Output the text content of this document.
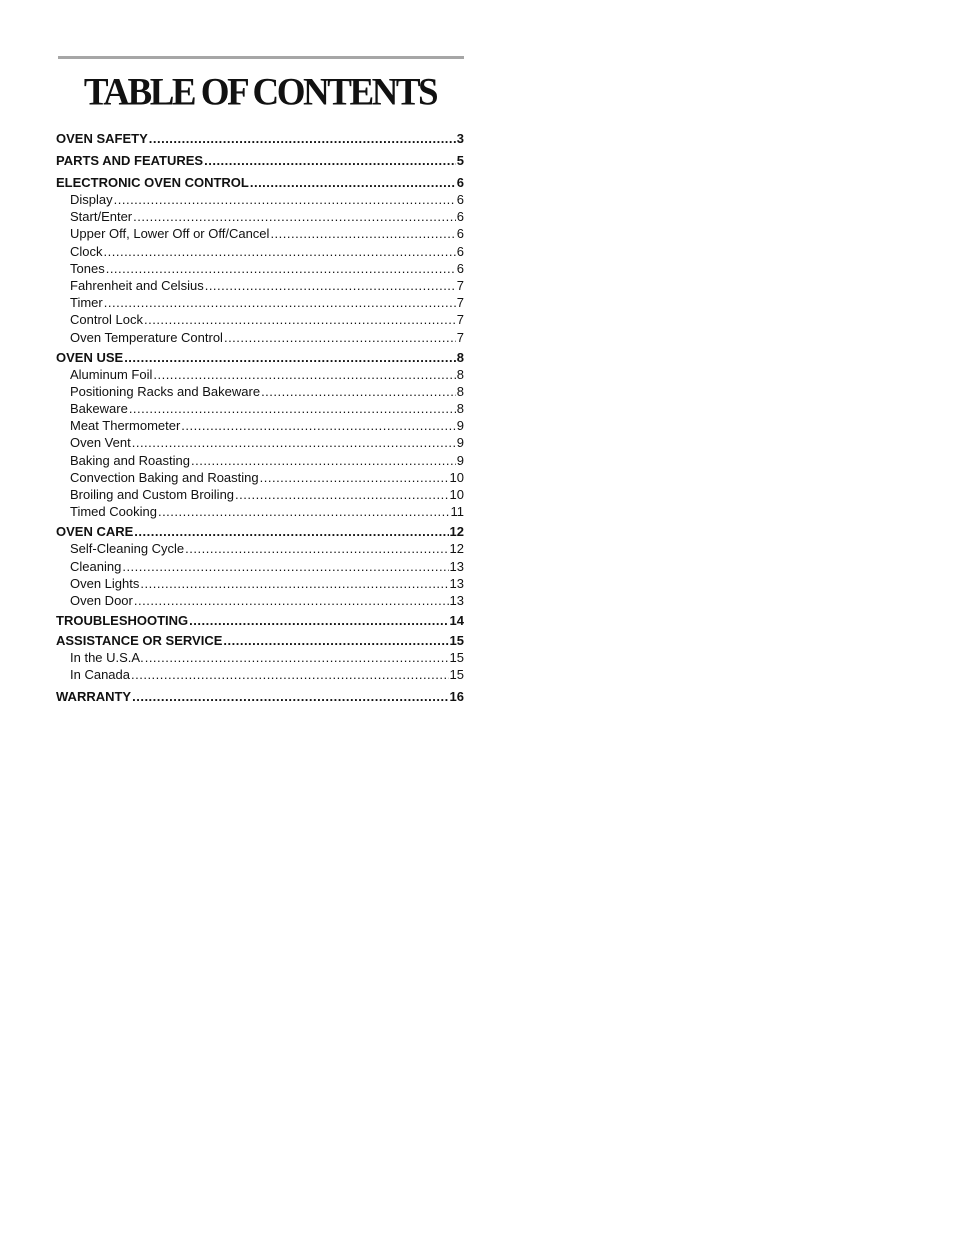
TABLE OF CONTENTS
OVEN SAFETY .....	3
PARTS AND FEATURES .....	5
ELECTRONIC OVEN CONTROL .....	6
Display .....	6
Start/Enter .....	6
Upper Off, Lower Off or Off/Cancel .....	6
Clock .....	6
Tones .....	6
Fahrenheit and Celsius .....	7
Timer .....	7
Control Lock .....	7
Oven Temperature Control .....	7
OVEN USE .....	8
Aluminum Foil .....	8
Positioning Racks and Bakeware .....	8
Bakeware .....	8
Meat Thermometer .....	9
Oven Vent .....	9
Baking and Roasting .....	9
Convection Baking and Roasting .....	10
Broiling and Custom Broiling .....	10
Timed Cooking .....	11
OVEN CARE .....	12
Self-Cleaning Cycle .....	12
Cleaning .....	13
Oven Lights .....	13
Oven Door .....	13
TROUBLESHOOTING .....	14
ASSISTANCE OR SERVICE .....	15
In the U.S.A. .....	15
In Canada .....	15
WARRANTY .....	16
